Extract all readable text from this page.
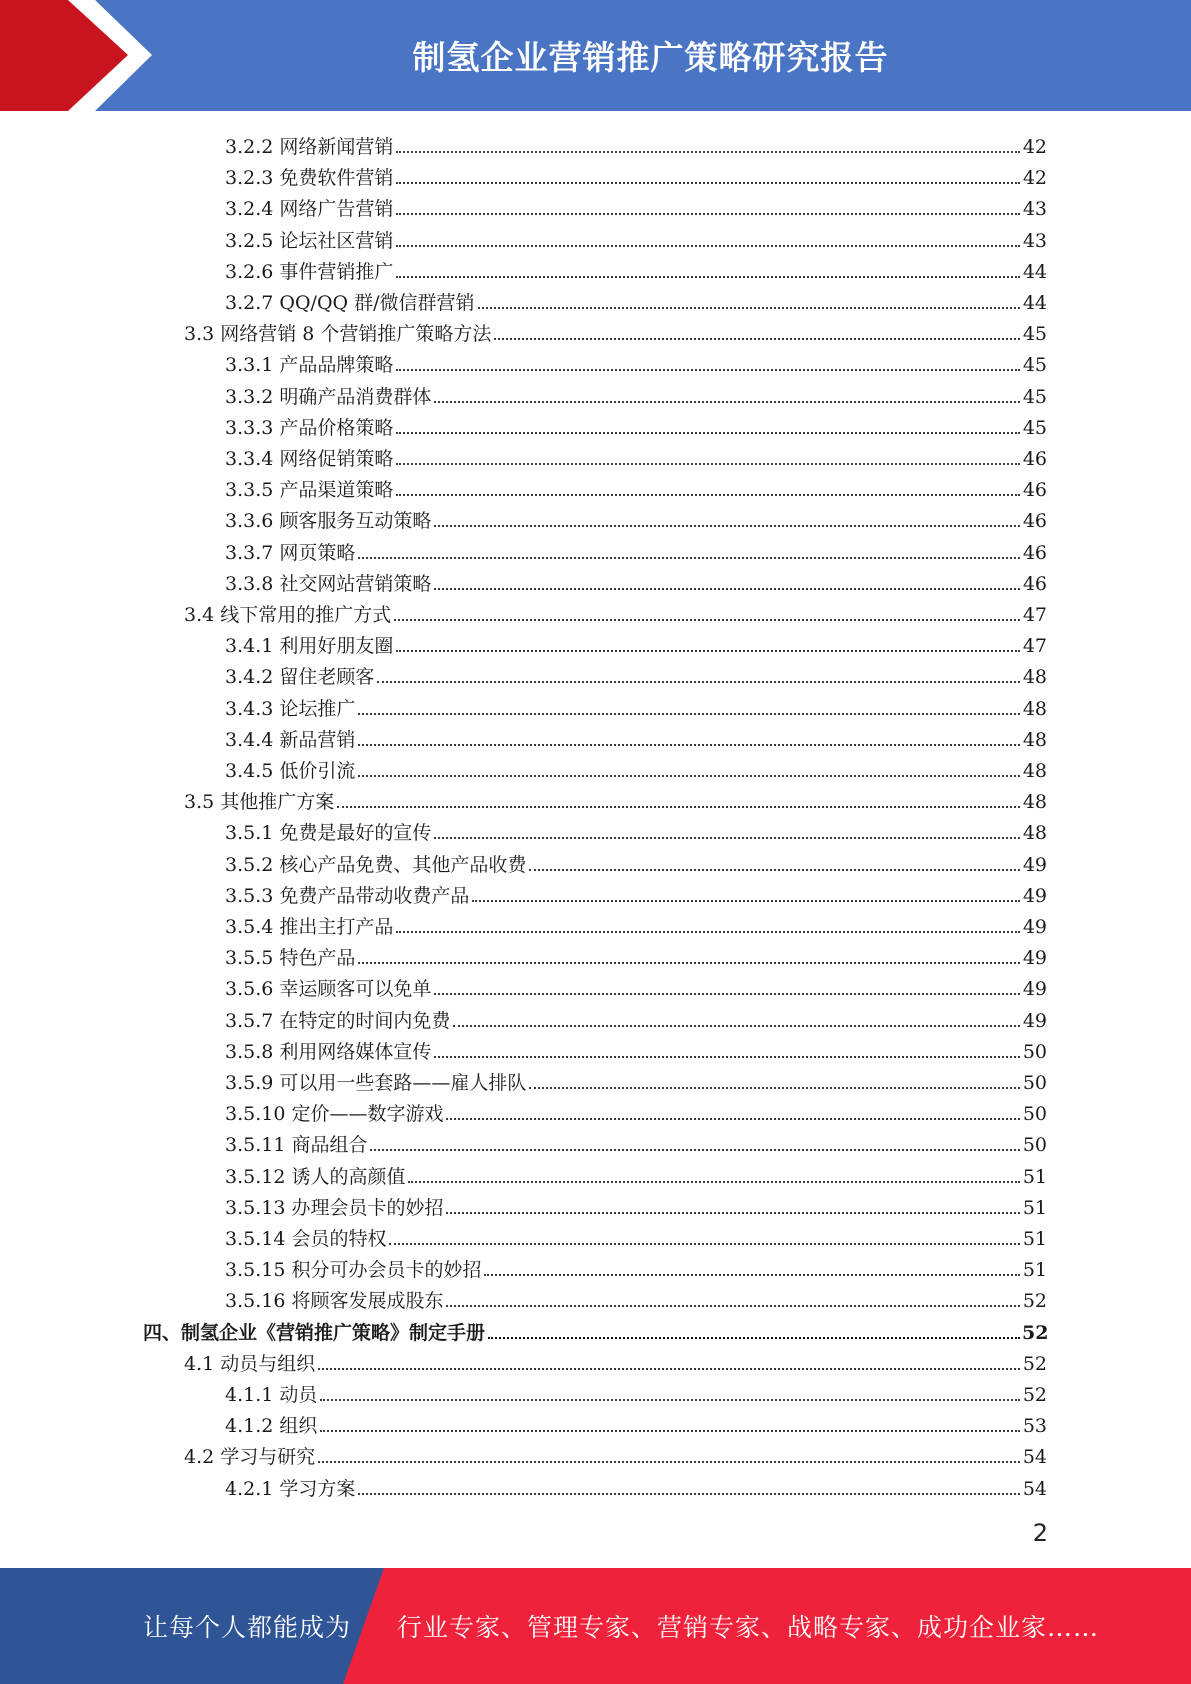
制氢企业营销推广策略研究报告
3.2.2 网络新闻营销	42
3.2.3 免费软件营销	42
3.2.4 网络广告营销	43
3.2.5 论坛社区营销	43
3.2.6 事件营销推广	44
3.2.7 QQ/QQ 群/微信群营销	44
3.3 网络营销 8 个营销推广策略方法	45
3.3.1 产品品牌策略	45
3.3.2 明确产品消费群体	45
3.3.3 产品价格策略	45
3.3.4 网络促销策略	46
3.3.5 产品渠道策略	46
3.3.6 顾客服务互动策略	46
3.3.7 网页策略	46
3.3.8 社交网站营销策略	46
3.4 线下常用的推广方式	47
3.4.1 利用好朋友圈	47
3.4.2 留住老顾客	48
3.4.3 论坛推广	48
3.4.4 新品营销	48
3.4.5 低价引流	48
3.5 其他推广方案	48
3.5.1 免费是最好的宣传	48
3.5.2 核心产品免费、其他产品收费	49
3.5.3 免费产品带动收费产品	49
3.5.4 推出主打产品	49
3.5.5 特色产品	49
3.5.6 幸运顾客可以免单	49
3.5.7 在特定的时间内免费	49
3.5.8 利用网络媒体宣传	50
3.5.9 可以用一些套路——雇人排队	50
3.5.10 定价——数字游戏	50
3.5.11 商品组合	50
3.5.12 诱人的高颜值	51
3.5.13 办理会员卡的妙招	51
3.5.14 会员的特权	51
3.5.15 积分可办会员卡的妙招	51
3.5.16 将顾客发展成股东	52
四、制氢企业《营销推广策略》制定手册	52
4.1 动员与组织	52
4.1.1 动员	52
4.1.2 组织	53
4.2 学习与研究	54
4.2.1 学习方案	54
2
让每个人都能成为 行业专家、管理专家、营销专家、战略专家、成功企业家……
